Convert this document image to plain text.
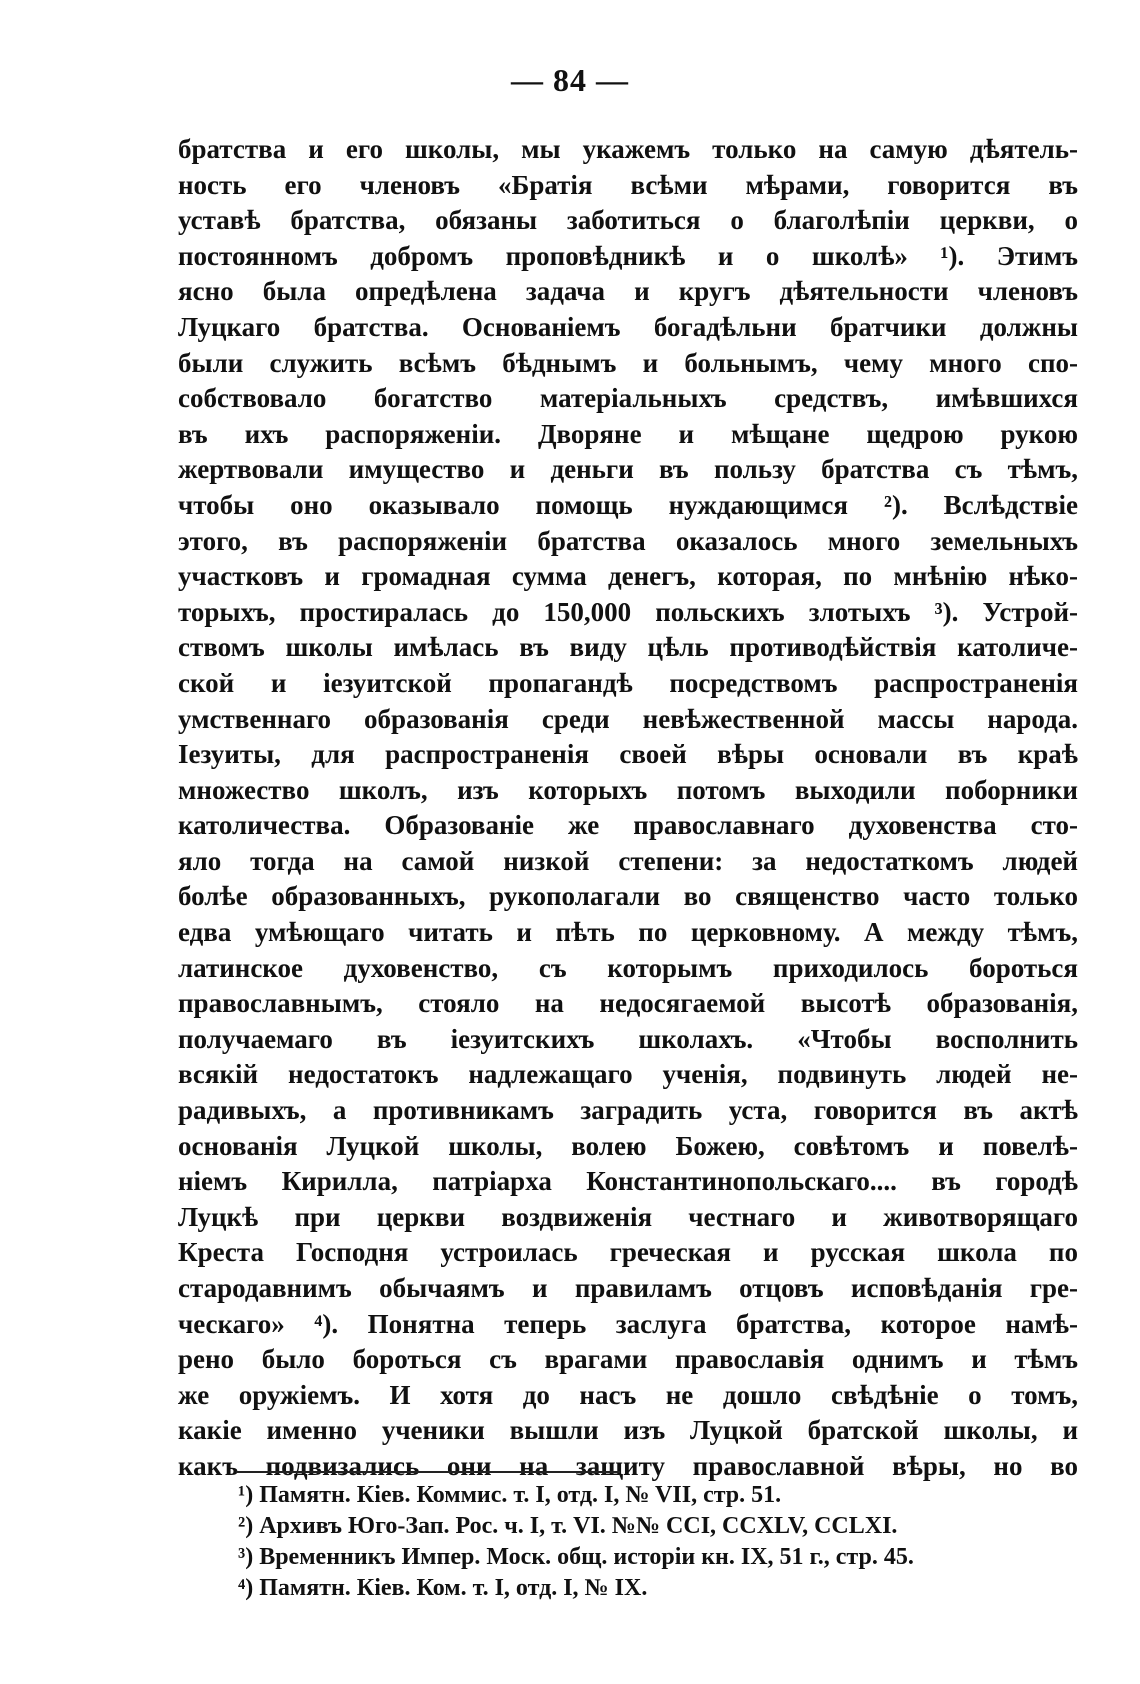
— 84 —
братства и его школы, мы укажемъ только на самую дѣятель-
ность его членовъ «Братія всѣми мѣрами, говорится въ
уставѣ братства, обязаны заботиться о благолѣпіи церкви, о
постоянномъ добромъ проповѣдникѣ и о школѣ» ¹). Этимъ
ясно была опредѣлена задача и кругъ дѣятельности членовъ
Луцкаго братства. Основаніемъ богадѣльни братчики должны
были служить всѣмъ бѣднымъ и больнымъ, чему много спо-
собствовало богатство матеріальныхъ средствъ, имѣвшихся
въ ихъ распоряженіи. Дворяне и мѣщане щедрою рукою
жертвовали имущество и деньги въ пользу братства съ тѣмъ,
чтобы оно оказывало помощь нуждающимся ²). Вслѣдствіе
этого, въ распоряженіи братства оказалось много земельныхъ
участковъ и громадная сумма денегъ, которая, по мнѣнію нѣко-
торыхъ, простиралась до 150,000 польскихъ злотыхъ ³). Устрой-
ствомъ школы имѣлась въ виду цѣль противодѣйствія католиче-
ской и іезуитской пропагандѣ посредствомъ распространенія
умственнаго образованія среди невѣжественной массы народа.
Іезуиты, для распространенія своей вѣры основали въ краѣ
множество школъ, изъ которыхъ потомъ выходили поборники
католичества. Образованіе же православнаго духовенства сто-
яло тогда на самой низкой степени: за недостаткомъ людей
болѣе образованныхъ, рукополагали во священство часто только
едва умѣющаго читать и пѣть по церковному. А между тѣмъ,
латинское духовенство, съ которымъ приходилось бороться
православнымъ, стояло на недосягаемой высотѣ образованія,
получаемаго въ іезуитскихъ школахъ. «Чтобы восполнить
всякій недостатокъ надлежащаго ученія, подвинуть людей не-
радивыхъ, а противникамъ заградить уста, говорится въ актѣ
основанія Луцкой школы, волею Божею, совѣтомъ и повелѣ-
ніемъ Кирилла, патріарха Константинопольскаго.... въ городѣ
Луцкѣ при церкви воздвиженія честнаго и животворящаго
Креста Господня устроилась греческая и русская школа по
стародавнимъ обычаямъ и правиламъ отцовъ исповѣданія гре-
ческаго» ⁴). Понятна теперь заслуга братства, которое намѣ-
рено было бороться съ врагами православія однимъ и тѣмъ
же оружіемъ. И хотя до насъ не дошло свѣдѣніе о томъ,
какіе именно ученики вышли изъ Луцкой братской школы, и
какъ подвизались они на защиту православной вѣры, но во
¹) Памятн. Кіев. Коммис. т. I, отд. I, № VII, стр. 51.
²) Архивъ Юго-Зап. Рос. ч. I, т. VI. №№ CCI, CCXLV, CCLXI.
³) Временникъ Импер. Моск. общ. исторіи кн. IX, 51 г., стр. 45.
⁴) Памятн. Кіев. Ком. т. I, отд. I, № IX.
